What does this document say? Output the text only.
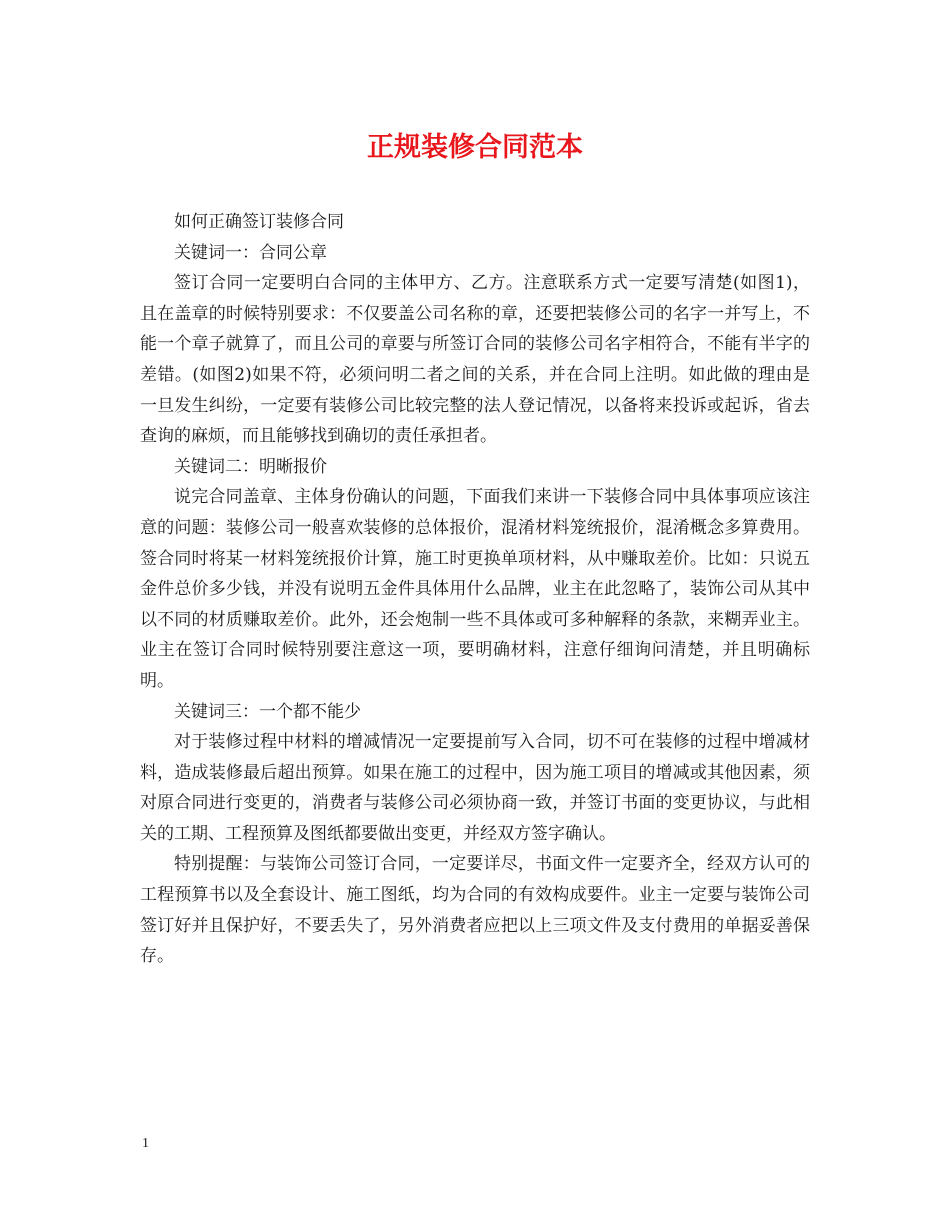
正规装修合同范本

如何正确签订装修合同

关键词一：合同公章

签订合同一定要明白合同的主体甲方、乙方。注意联系方式一定要写清楚(如图1)，且在盖章的时候特别要求：不仅要盖公司名称的章，还要把装修公司的名字一并写上，不能一个章子就算了，而且公司的章要与所签订合同的装修公司名字相符合，不能有半字的差错。(如图2)如果不符，必须问明二者之间的关系，并在合同上注明。如此做的理由是一旦发生纠纷，一定要有装修公司比较完整的法人登记情况，以备将来投诉或起诉，省去查询的麻烦，而且能够找到确切的责任承担者。

关键词二：明晰报价

说完合同盖章、主体身份确认的问题，下面我们来讲一下装修合同中具体事项应该注意的问题：装修公司一般喜欢装修的总体报价，混淆材料笼统报价，混淆概念多算费用。签合同时将某一材料笼统报价计算，施工时更换单项材料，从中赚取差价。比如：只说五金件总价多少钱，并没有说明五金件具体用什么品牌，业主在此忽略了，装饰公司从其中以不同的材质赚取差价。此外，还会炮制一些不具体或可多种解释的条款，来糊弄业主。业主在签订合同时候特别要注意这一项，要明确材料，注意仔细询问清楚，并且明确标明。

关键词三：一个都不能少

对于装修过程中材料的增减情况一定要提前写入合同，切不可在装修的过程中增减材料，造成装修最后超出预算。如果在施工的过程中，因为施工项目的增减或其他因素，须对原合同进行变更的，消费者与装修公司必须协商一致，并签订书面的变更协议，与此相关的工期、工程预算及图纸都要做出变更，并经双方签字确认。

特别提醒：与装饰公司签订合同，一定要详尽，书面文件一定要齐全，经双方认可的工程预算书以及全套设计、施工图纸，均为合同的有效构成要件。业主一定要与装饰公司签订好并且保护好，不要丢失了，另外消费者应把以上三项文件及支付费用的单据妥善保存。

1
